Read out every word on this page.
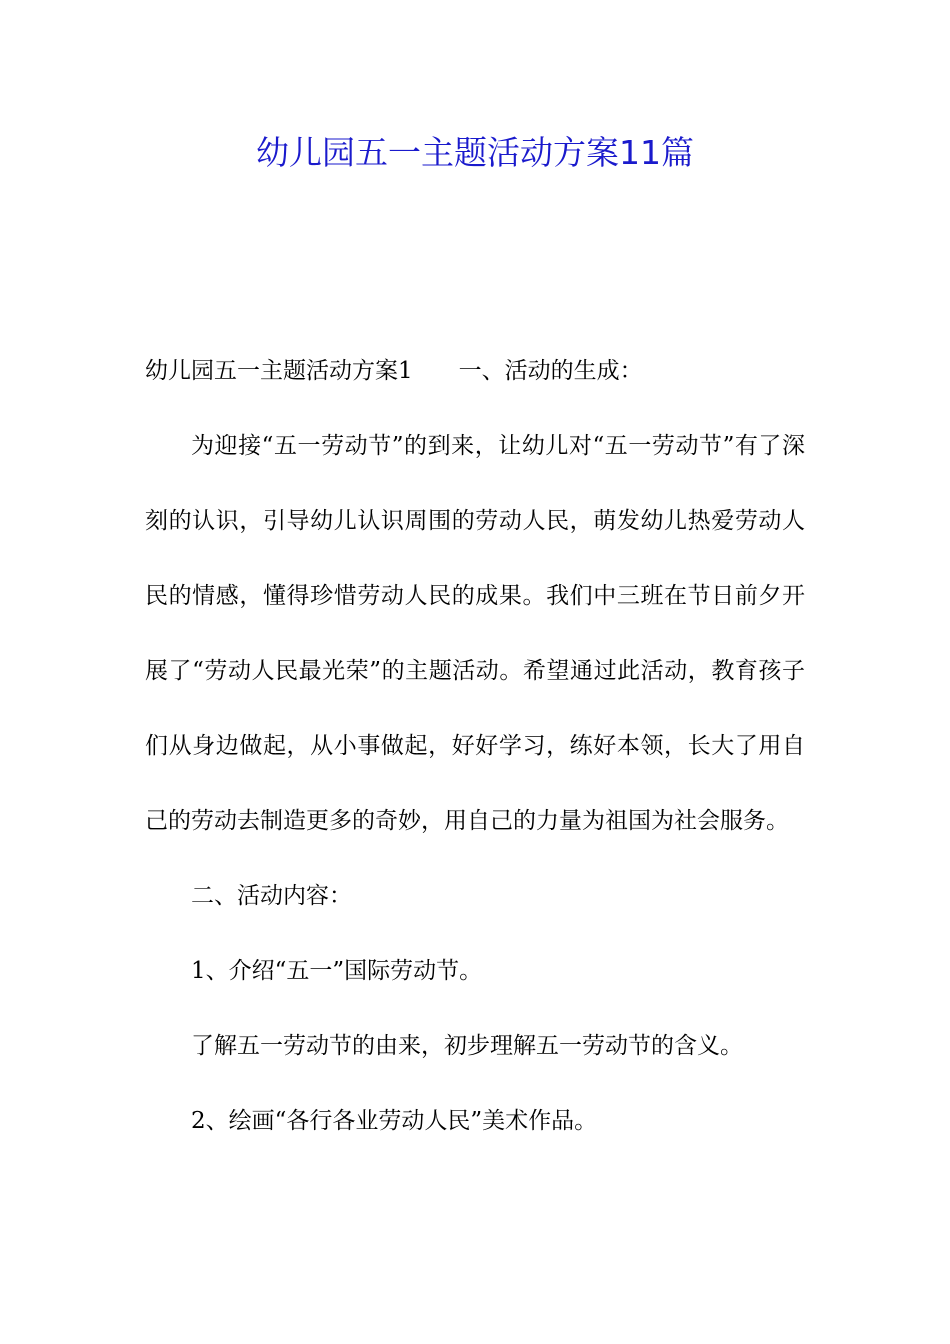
幼儿园五一主题活动方案11篇

幼儿园五一主题活动方案1 一、活动的生成：

为迎接“五一劳动节”的到来，让幼儿对“五一劳动节”有了深刻的认识，引导幼儿认识周围的劳动人民，萌发幼儿热爱劳动人民的情感，懂得珍惜劳动人民的成果。我们中三班在节日前夕开展了“劳动人民最光荣”的主题活动。希望通过此活动，教育孩子们从身边做起，从小事做起，好好学习，练好本领，长大了用自己的劳动去制造更多的奇妙，用自己的力量为祖国为社会服务。

二、活动内容：

1、介绍“五一”国际劳动节。

了解五一劳动节的由来，初步理解五一劳动节的含义。

2、绘画“各行各业劳动人民”美术作品。
